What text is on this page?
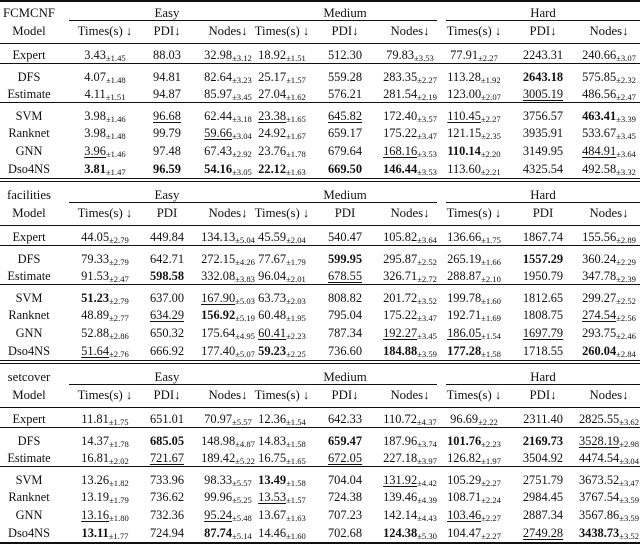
FCMCNF	Easy	Medium	Hard
Model	Times(s) ↓	PDI↓	Nodes↓ Times(s) ↓	PDI↓	Nodes↓	Times(s) ↓	PDI↓	Nodes↓
Expert	3.43±1.45	88.03	32.98±3.12 18.92±1.51	512.30	79.83±3.53	77.91±2.27	2243.31	240.66±3.07
DFS	4.07±1.48	94.81	82.64±3.23 25.17±1.57	559.28	283.35±2.27 113.28±1.92	2643.18	575.85±2.32
Estimate	4.11±1.51	94.87	85.97±3.45 27.04±1.62	576.21	281.54±2.19 123.00±2.07	3005.19	486.56±2.47
SVM	3.98±1.46	96.68	62.44±3.18 23.38±1.65	645.82	172.40±3.57 110.45±2.27	3756.57	463.41±3.39
Ranknet	3.98±1.48	99.79	59.66±3.04 24.92±1.67	659.17	175.22±3.47 121.15±2.35	3935.91	533.67±3.45
GNN	3.96±1.46	97.48	67.43±2.92 23.76±1.78	679.64	168.16±3.53 110.14±2.20	3149.95	484.91±3.64
Dso4NS	3.81±1.47	96.59	54.16±3.05 22.12±1.63	669.50	146.44±3.53 113.60±2.21	4325.54	492.58±3.32
facilities	Easy	Medium	Hard
Model	Times(s) ↓	PDI	Nodes↓ Times(s) ↓	PDI	Nodes↓	Times(s) ↓	PDI	Nodes↓
Expert	44.05±2.79	449.84	134.13±5.04 45.59±2.04	540.47	105.82±3.64 136.66±1.75	1867.74	155.56±2.89
DFS	79.33±2.79	642.71	272.15±4.26 77.67±1.79	599.95	295.87±2.52 265.19±1.66	1557.29	360.24±2.29
Estimate	91.53±2.47	598.58	332.08±3.83 96.04±2.01	678.55	326.71±2.72 288.87±2.10	1950.79	347.78±2.39
SVM	51.23±2.79	637.00	167.90±5.03 63.73±2.03	808.82	201.72±3.52 199.78±1.60	1812.65	299.27±2.52
Ranknet	48.89±2.77	634.29	156.92±5.19 60.48±1.95	795.04	175.22±3.47 192.71±1.69	1808.75	274.54±2.56
GNN	52.88±2.86	650.32	175.64±4.95 60.41±2.23	787.34	192.27±3.45 186.05±1.54	1697.79	293.75±2.46
Dso4NS	51.64±2.76	666.92	177.40±5.07 59.23±2.25	736.60	184.88±3.59 177.28±1.58	1718.55	260.04±2.84
setcover	Easy	Medium	Hard
Model	Times(s) ↓	PDI↓	Nodes↓ Times(s) ↓	PDI↓	Nodes↓	Times(s) ↓	PDI↓	Nodes↓
Expert	11.81±1.75	651.01	70.97±5.57 12.36±1.54	642.33	110.72±4.37	96.69±2.22	2311.40	2825.55±3.62
DFS	14.37±1.78	685.05	148.98±4.87 14.83±1.58	659.47	187.96±3.74 101.76±2.23	2169.73	3528.19±2.98
Estimate	16.81±2.02	721.67	189.42±5.22 16.75±1.65	672.05	227.18±3.97 126.82±1.97	3504.92	4474.54±3.04
SVM	13.26±1.82	733.96	98.33±5.57 13.49±1.58	704.04	131.92±4.42 105.29±2.27	2751.79	3673.52±3.47
Ranknet	13.19±1.79	736.62	99.96±5.25 13.53±1.57	724.38	139.46±4.39 108.71±2.24	2984.45	3767.54±3.59
GNN	13.16±1.80	732.36	95.24±5.48 13.67±1.63	707.23	142.14±4.43 103.46±2.27	2887.34	3567.86±3.59
Dso4NS	13.11±1.77	724.94	87.74±5.14 14.46±1.60	702.68	124.38±5.30 104.47±2.27	2749.28	3438.73±3.52
